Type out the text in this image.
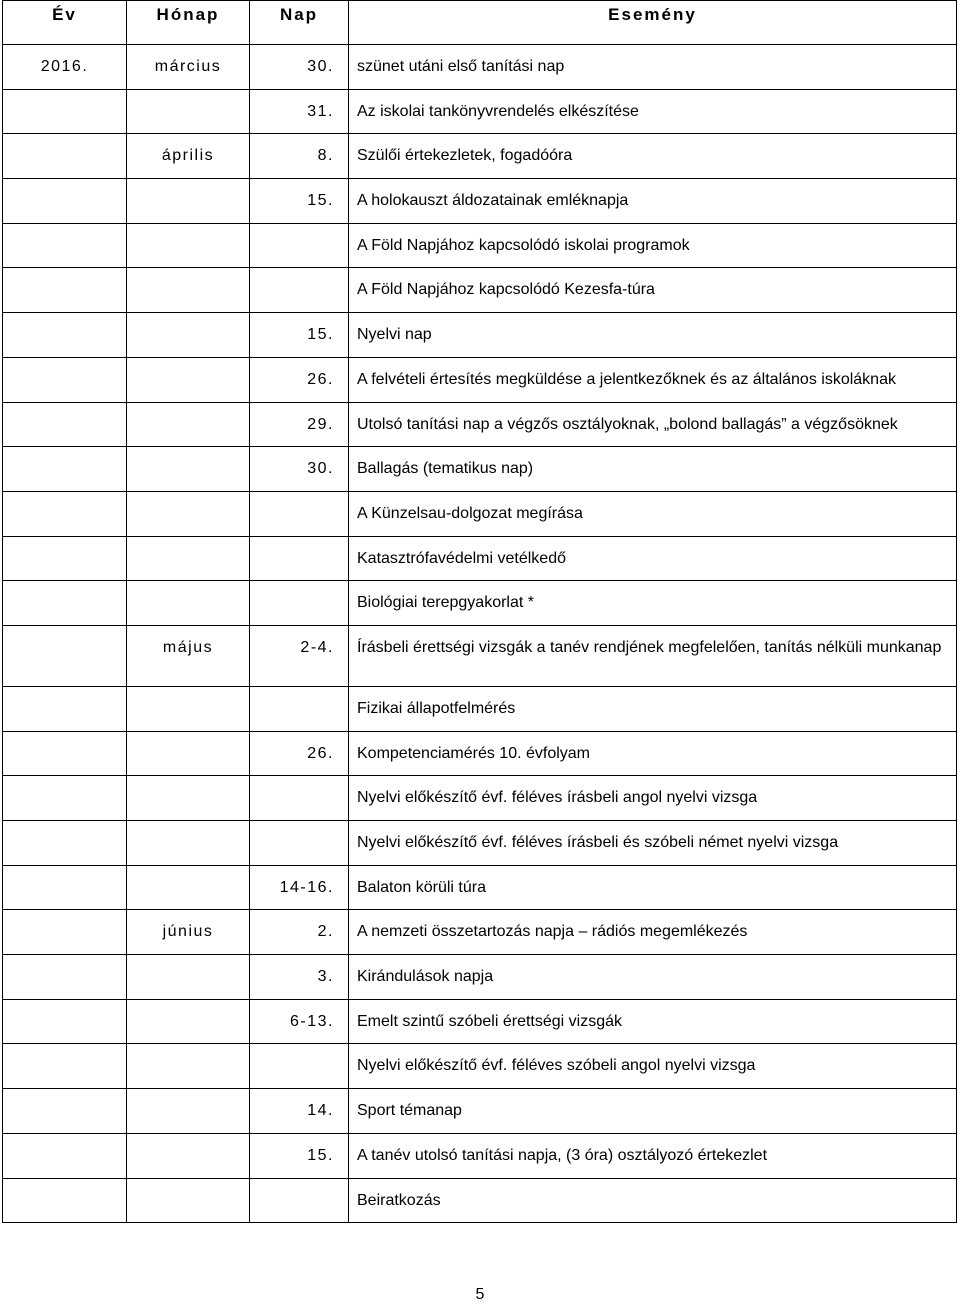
Év	Hónap	Nap	Esemény
2016.	március	30.	szünet utáni első tanítási nap
		31.	Az iskolai tankönyvrendelés elkészítése
	április	8.	Szülői értekezletek, fogadóóra
		15.	A holokauszt áldozatainak emléknapja
			A Föld Napjához kapcsolódó iskolai programok
			A Föld Napjához kapcsolódó Kezesfa-túra
		15.	Nyelvi nap
		26.	A felvételi értesítés megküldése a jelentkezőknek és az általános iskoláknak
		29.	Utolsó tanítási nap a végzős osztályoknak, „bolond ballagás” a végzősöknek
		30.	Ballagás (tematikus nap)
			A Künzelsau-dolgozat megírása
			Katasztrófavédelmi vetélkedő
			Biológiai terepgyakorlat *
	május	2-4.	Írásbeli érettségi vizsgák a tanév rendjének megfelelően, tanítás nélküli munkanap
			Fizikai állapotfelmérés
		26.	Kompetenciamérés 10. évfolyam
			Nyelvi előkészítő évf. féléves írásbeli angol nyelvi vizsga
			Nyelvi előkészítő évf. féléves írásbeli és szóbeli német nyelvi vizsga
		14-16.	Balaton körüli túra
	június	2.	A nemzeti összetartozás napja – rádiós megemlékezés
		3.	Kirándulások napja
		6-13.	Emelt szintű szóbeli érettségi vizsgák
			Nyelvi előkészítő évf. féléves szóbeli angol nyelvi vizsga
		14.	Sport témanap
		15.	A tanév utolsó tanítási napja, (3 óra) osztályozó értekezlet
			Beiratkozás
5
